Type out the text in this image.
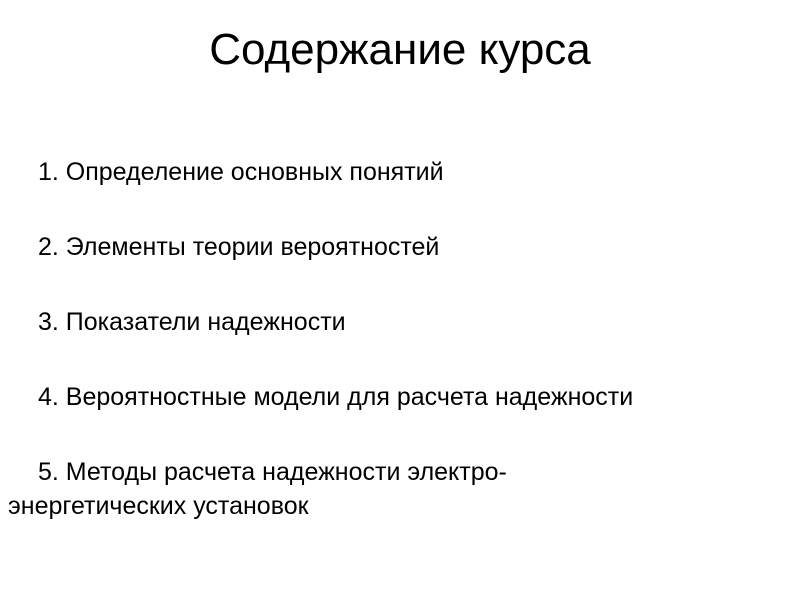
Содержание курса
1. Определение основных понятий
2. Элементы теории вероятностей
3. Показатели надежности
4. Вероятностные модели для расчета надежности
5. Методы расчета надежности электро-энергетических установок
